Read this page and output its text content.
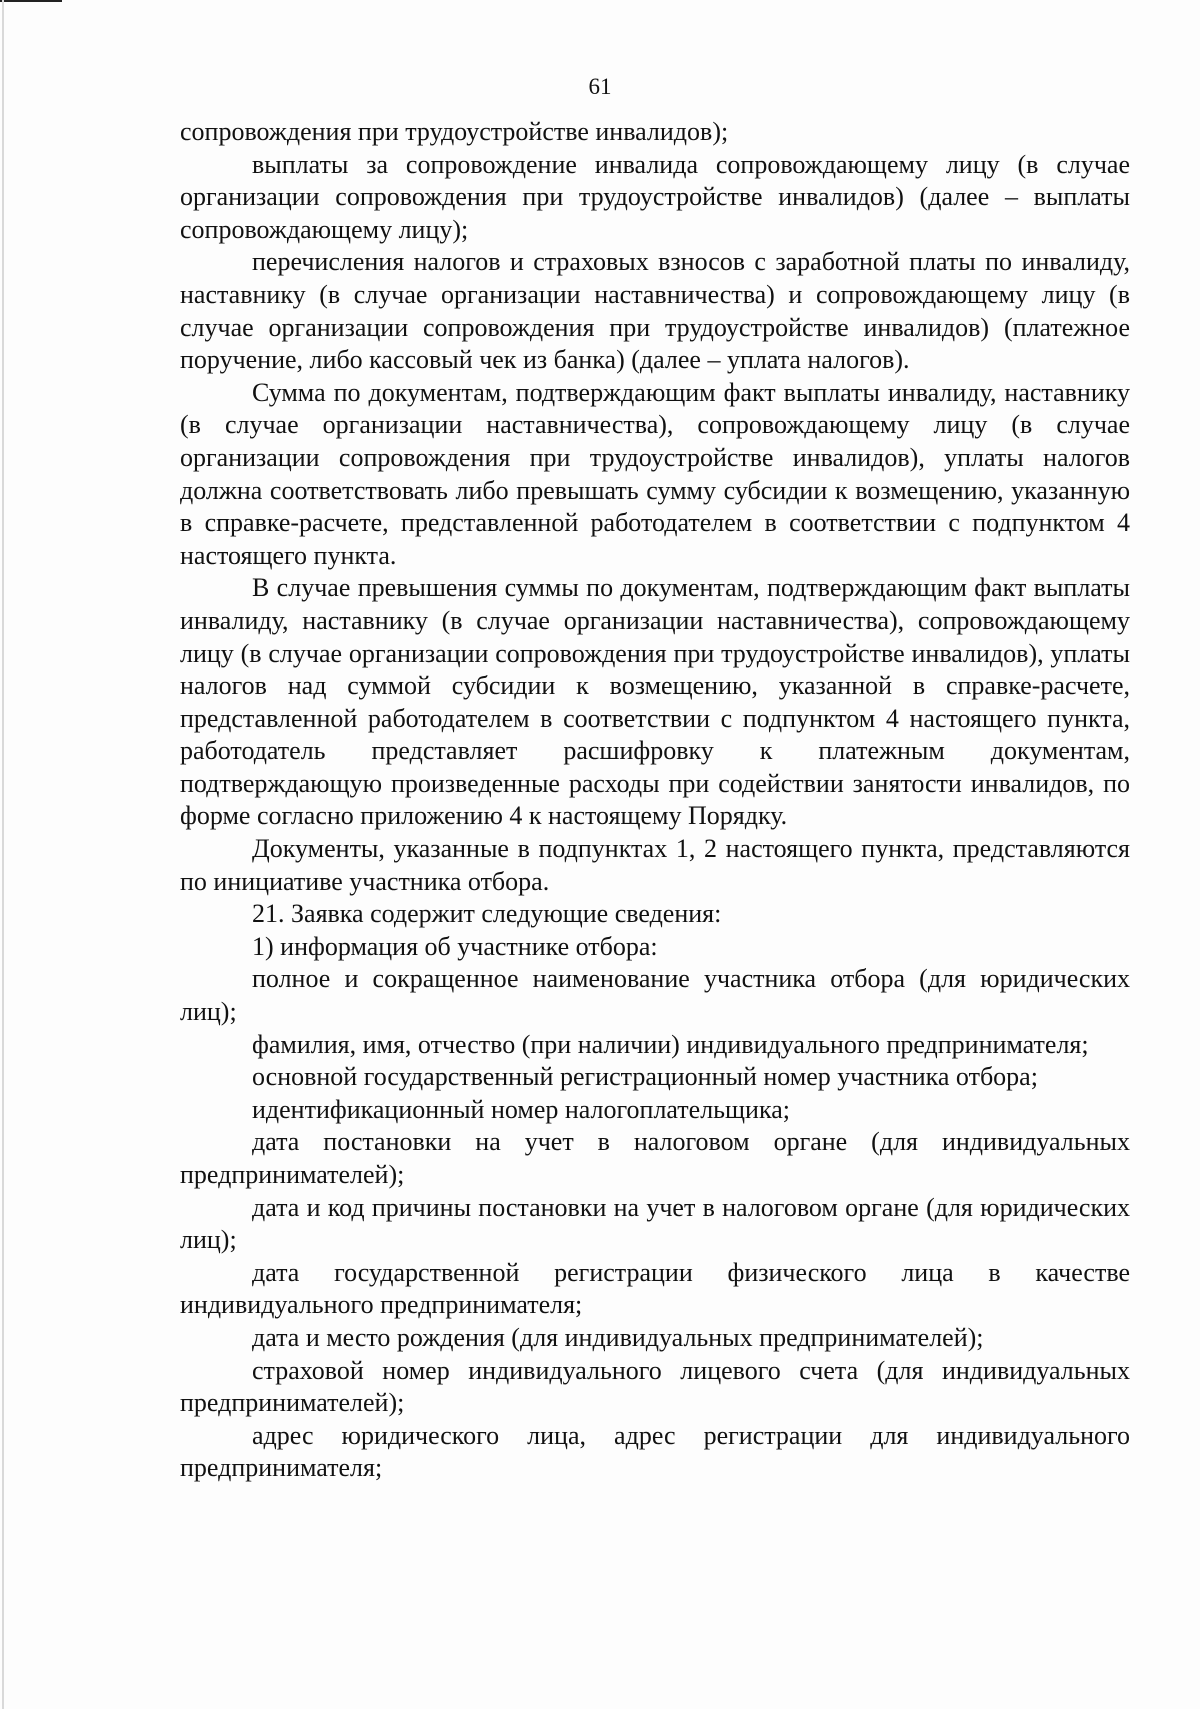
61

сопровождения при трудоустройстве инвалидов);

выплаты за сопровождение инвалида сопровождающему лицу (в случае организации сопровождения при трудоустройстве инвалидов) (далее – выплаты сопровождающему лицу);

перечисления налогов и страховых взносов с заработной платы по инвалиду, наставнику (в случае организации наставничества) и сопровождающему лицу (в случае организации сопровождения при трудоустройстве инвалидов) (платежное поручение, либо кассовый чек из банка) (далее – уплата налогов).

Сумма по документам, подтверждающим факт выплаты инвалиду, наставнику (в случае организации наставничества), сопровождающему лицу (в случае организации сопровождения при трудоустройстве инвалидов), уплаты налогов должна соответствовать либо превышать сумму субсидии к возмещению, указанную в справке-расчете, представленной работодателем в соответствии с подпунктом 4 настоящего пункта.

В случае превышения суммы по документам, подтверждающим факт выплаты инвалиду, наставнику (в случае организации наставничества), сопровождающему лицу (в случае организации сопровождения при трудоустройстве инвалидов), уплаты налогов над суммой субсидии к возмещению, указанной в справке-расчете, представленной работодателем в соответствии с подпунктом 4 настоящего пункта, работодатель представляет расшифровку к платежным документам, подтверждающую произведенные расходы при содействии занятости инвалидов, по форме согласно приложению 4 к настоящему Порядку.

Документы, указанные в подпунктах 1, 2 настоящего пункта, представляются по инициативе участника отбора.

21. Заявка содержит следующие сведения:

1) информация об участнике отбора:

полное и сокращенное наименование участника отбора (для юридических лиц);

фамилия, имя, отчество (при наличии) индивидуального предпринимателя;

основной государственный регистрационный номер участника отбора;

идентификационный номер налогоплательщика;

дата постановки на учет в налоговом органе (для индивидуальных предпринимателей);

дата и код причины постановки на учет в налоговом органе (для юридических лиц);

дата государственной регистрации физического лица в качестве индивидуального предпринимателя;

дата и место рождения (для индивидуальных предпринимателей);

страховой номер индивидуального лицевого счета (для индивидуальных предпринимателей);

адрес юридического лица, адрес регистрации для индивидуального предпринимателя;
